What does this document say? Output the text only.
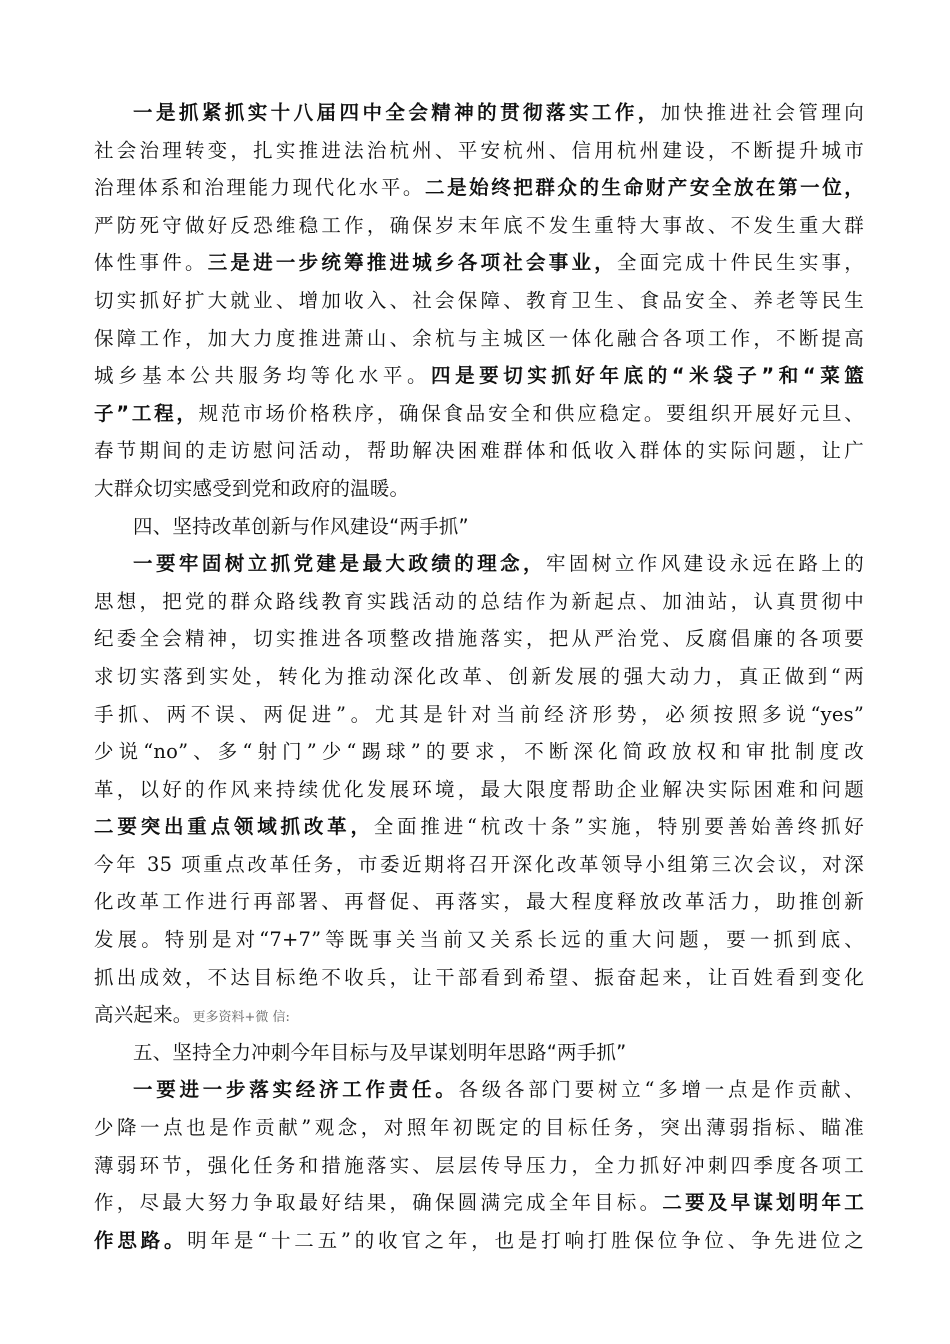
一是抓紧抓实十八届四中全会精神的贯彻落实工作，加快推进社会管理向
社会治理转变，扎实推进法治杭州、平安杭州、信用杭州建设，不断提升城市
治理体系和治理能力现代化水平。二是始终把群众的生命财产安全放在第一位，
严防死守做好反恐维稳工作，确保岁末年底不发生重特大事故、不发生重大群
体性事件。三是进一步统筹推进城乡各项社会事业，全面完成十件民生实事，
切实抓好扩大就业、增加收入、社会保障、教育卫生、食品安全、养老等民生
保障工作，加大力度推进萧山、余杭与主城区一体化融合各项工作，不断提高
城乡基本公共服务均等化水平。四是要切实抓好年底的“米袋子”和“菜篮
子”工程，规范市场价格秩序，确保食品安全和供应稳定。要组织开展好元旦、
春节期间的走访慰问活动，帮助解决困难群体和低收入群体的实际问题，让广
大群众切实感受到党和政府的温暖。
四、坚持改革创新与作风建设“两手抓”
一要牢固树立抓党建是最大政绩的理念，牢固树立作风建设永远在路上的
思想，把党的群众路线教育实践活动的总结作为新起点、加油站，认真贯彻中
纪委全会精神，切实推进各项整改措施落实，把从严治党、反腐倡廉的各项要
求切实落到实处，转化为推动深化改革、创新发展的强大动力，真正做到“两
手抓、两不误、两促进”。尤其是针对当前经济形势，必须按照多说“yes”
少说“no”、多“射门”少“踢球”的要求，不断深化简政放权和审批制度改
革，以好的作风来持续优化发展环境，最大限度帮助企业解决实际困难和问题
二要突出重点领域抓改革，全面推进“杭改十条”实施，特别要善始善终抓好
今年 35 项重点改革任务，市委近期将召开深化改革领导小组第三次会议，对深
化改革工作进行再部署、再督促、再落实，最大程度释放改革活力，助推创新
发展。特别是对“7+7”等既事关当前又关系长远的重大问题，要一抓到底、
抓出成效，不达目标绝不收兵，让干部看到希望、振奋起来，让百姓看到变化
高兴起来。更多资料+微 信:
五、坚持全力冲刺今年目标与及早谋划明年思路“两手抓”
一要进一步落实经济工作责任。各级各部门要树立“多增一点是作贡献、
少降一点也是作贡献”观念，对照年初既定的目标任务，突出薄弱指标、瞄准
薄弱环节，强化任务和措施落实、层层传导压力，全力抓好冲刺四季度各项工
作，尽最大努力争取最好结果，确保圆满完成全年目标。二要及早谋划明年工
作思路。明年是“十二五”的收官之年，也是打响打胜保位争位、争先进位之
